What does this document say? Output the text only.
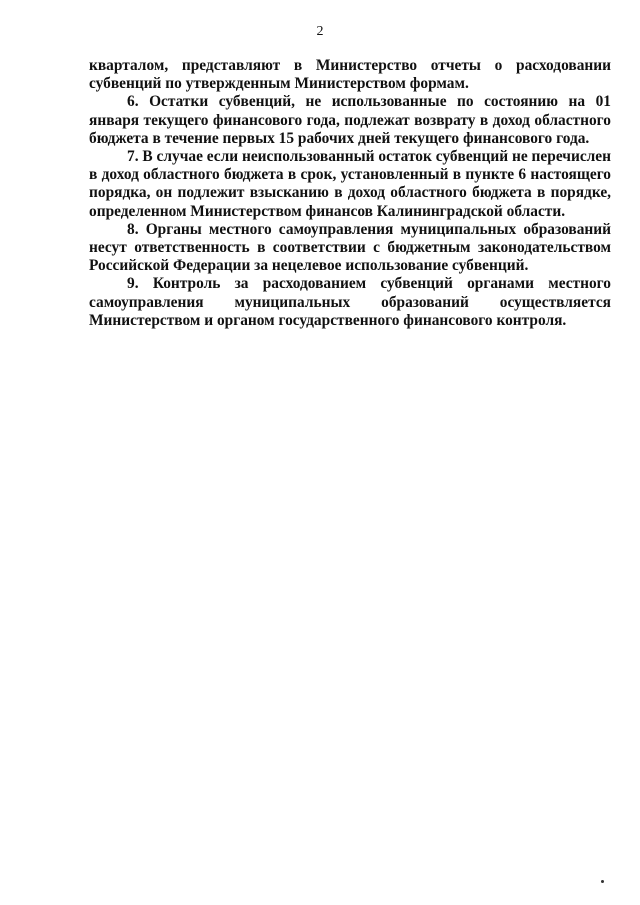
2

кварталом, представляют в Министерство отчеты о расходовании субвенций по утвержденным Министерством формам.

6. Остатки субвенций, не использованные по состоянию на 01 января текущего финансового года, подлежат возврату в доход областного бюджета в течение первых 15 рабочих дней текущего финансового года.

7. В случае если неиспользованный остаток субвенций не перечислен в доход областного бюджета в срок, установленный в пункте 6 настоящего порядка, он подлежит взысканию в доход областного бюджета в порядке, определенном Министерством финансов Калининградской области.

8. Органы местного самоуправления муниципальных образований несут ответственность в соответствии с бюджетным законодательством Российской Федерации за нецелевое использование субвенций.

9. Контроль за расходованием субвенций органами местного самоуправления муниципальных образований осуществляется Министерством и органом государственного финансового контроля.
